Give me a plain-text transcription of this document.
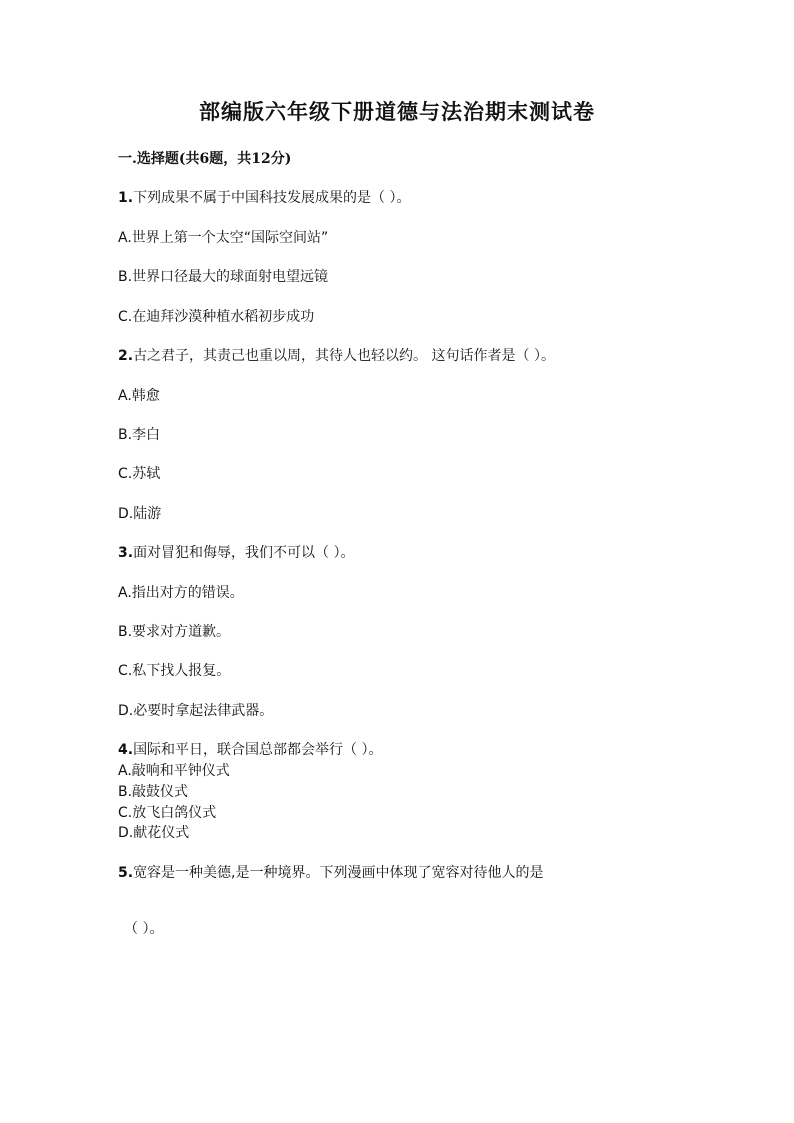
部编版六年级下册道德与法治期末测试卷
一.选择题(共6题，共12分)
1.下列成果不属于中国科技发展成果的是（ ）。
A.世界上第一个太空“国际空间站”
B.世界口径最大的球面射电望远镜
C.在迪拜沙漠种植水稻初步成功
2.古之君子，其责己也重以周，其待人也轻以约。 这句话作者是（ ）。
A.韩愈
B.李白
C.苏轼
D.陆游
3.面对冒犯和侮辱，我们不可以（ ）。
A.指出对方的错误。
B.要求对方道歉。
C.私下找人报复。
D.必要时拿起法律武器。
4.国际和平日，联合国总部都会举行（ ）。
A.敲响和平钟仪式
B.敲鼓仪式
C.放飞白鸽仪式
D.献花仪式
5.宽容是一种美德,是一种境界。下列漫画中体现了宽容对待他人的是
（ ）。
